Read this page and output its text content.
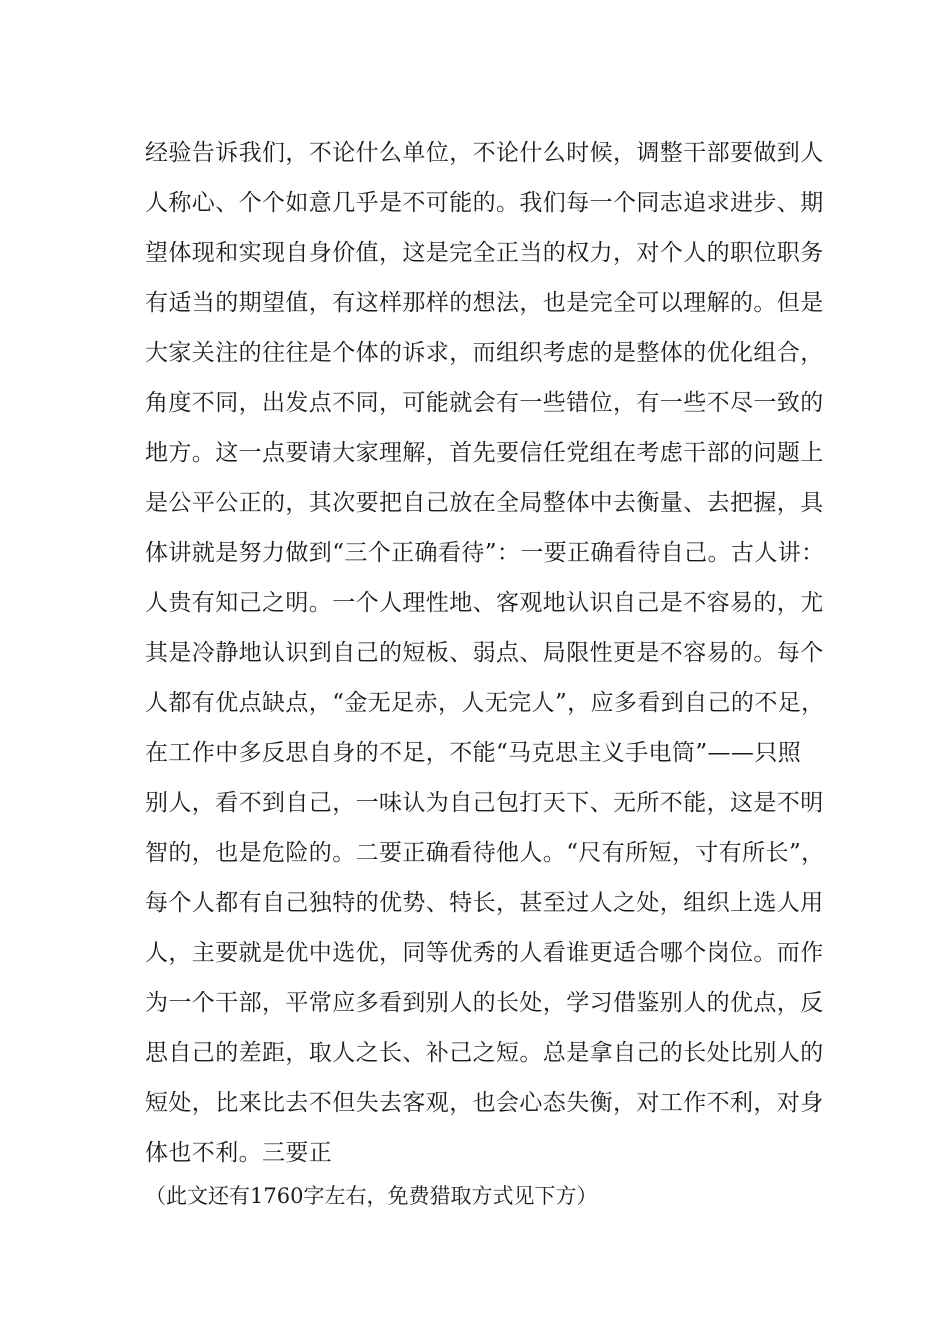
经验告诉我们，不论什么单位，不论什么时候，调整干部要做到人
人称心、个个如意几乎是不可能的。我们每一个同志追求进步、期
望体现和实现自身价值，这是完全正当的权力，对个人的职位职务
有适当的期望值，有这样那样的想法，也是完全可以理解的。但是
大家关注的往往是个体的诉求，而组织考虑的是整体的优化组合，
角度不同，出发点不同，可能就会有一些错位，有一些不尽一致的
地方。这一点要请大家理解，首先要信任党组在考虑干部的问题上
是公平公正的，其次要把自己放在全局整体中去衡量、去把握，具
体讲就是努力做到“三个正确看待”：一要正确看待自己。古人讲：
人贵有知己之明。一个人理性地、客观地认识自己是不容易的，尤
其是冷静地认识到自己的短板、弱点、局限性更是不容易的。每个
人都有优点缺点，“金无足赤，人无完人”，应多看到自己的不足，
在工作中多反思自身的不足，不能“马克思主义手电筒”——只照
别人，看不到自己，一味认为自己包打天下、无所不能，这是不明
智的，也是危险的。二要正确看待他人。“尺有所短，寸有所长”，
每个人都有自己独特的优势、特长，甚至过人之处，组织上选人用
人，主要就是优中选优，同等优秀的人看谁更适合哪个岗位。而作
为一个干部，平常应多看到别人的长处，学习借鉴别人的优点，反
思自己的差距，取人之长、补己之短。总是拿自己的长处比别人的
短处，比来比去不但失去客观，也会心态失衡，对工作不利，对身
体也不利。三要正

（此文还有1760字左右，免费猎取方式见下方）
